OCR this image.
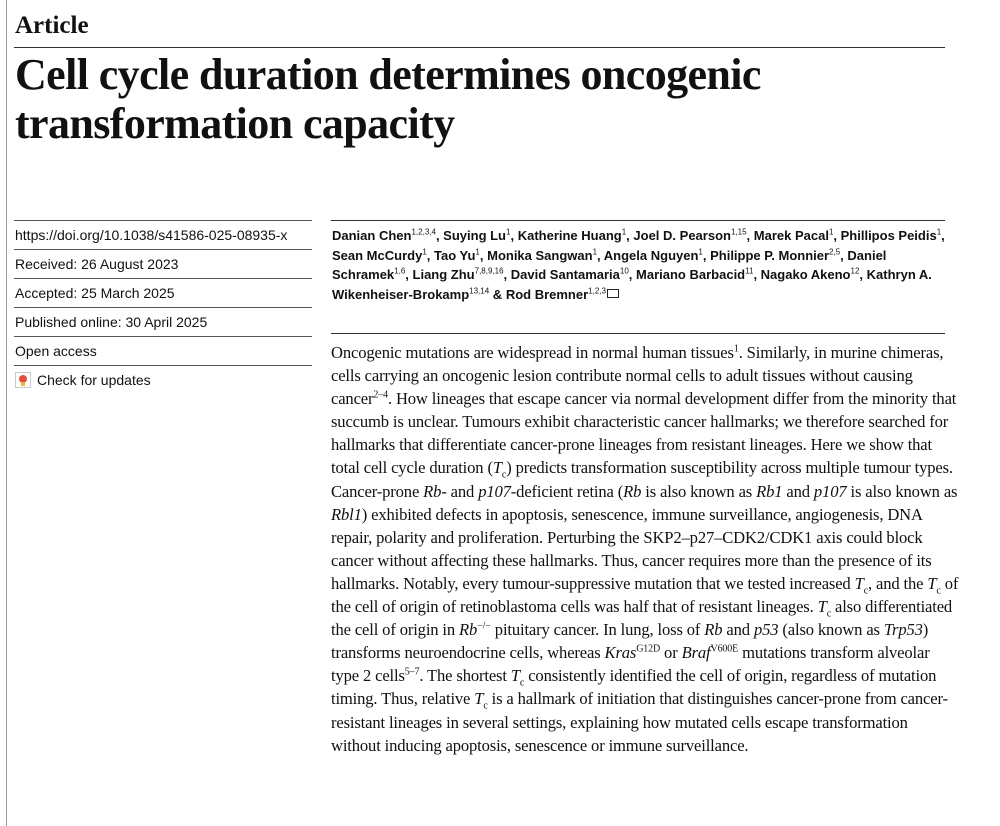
Article
Cell cycle duration determines oncogenic transformation capacity
https://doi.org/10.1038/s41586-025-08935-x
Received: 26 August 2023
Accepted: 25 March 2025
Published online: 30 April 2025
Open access
Check for updates

Danian Chen$^{1,2,3,4}$, Suying Lu$^1$, Katherine Huang$^1$, Joel D. Pearson$^{1,15}$, Marek Pacal$^1$, Phillipos Peidis$^1$, Sean McCurdy$^1$, Tao Yu$^1$, Monika Sangwan$^1$, Angela Nguyen$^1$, Philippe P. Monnier$^{2,5}$, Daniel Schramek$^{1,6}$, Liang Zhu$^{7,8,9,16}$, David Santamaria$^{10}$, Mariano Barbacid$^{11}$, Nagako Akeno$^{12}$, Kathryn A. Wikenheiser-Brokamp$^{13,14}$ & Rod Bremner$^{1,2,3}$

Oncogenic mutations are widespread in normal human tissues$^1$. Similarly, in murine chimeras, cells carrying an oncogenic lesion contribute normal cells to adult tissues without causing cancer$^{2-4}$. How lineages that escape cancer via normal development differ from the minority that succumb is unclear. Tumours exhibit characteristic cancer hallmarks; we therefore searched for hallmarks that differentiate cancer-prone lineages from resistant lineages. Here we show that total cell cycle duration $(T_c)$ predicts transformation susceptibility across multiple tumour types. Cancer-prone Rb- and p107-deficient retina (Rb is also known as Rb1 and p107 is also known as Rbl1) exhibited defects in apoptosis, senescence, immune surveillance, angiogenesis, DNA repair, polarity and proliferation. Perturbing the SKP2–p27–CDK2/CDK1 axis could block cancer without affecting these hallmarks. Thus, cancer requires more than the presence of its hallmarks. Notably, every tumour-suppressive mutation that we tested increased $T_c$, and the $T_c$ of the cell of origin of retinoblastoma cells was half that of resistant lineages. $T_c$ also differentiated the cell of origin in Rb−/− pituitary cancer. In lung, loss of Rb and p53 (also known as Trp53) transforms neuroendocrine cells, whereas Kras$^{G12D}$ or Braf$^{V600E}$ mutations transform alveolar type 2 cells$^{5-7}$. The shortest $T_c$ consistently identified the cell of origin, regardless of mutation timing. Thus, relative $T_c$ is a hallmark of initiation that distinguishes cancer-prone from cancer-resistant lineages in several settings, explaining how mutated cells escape transformation without inducing apoptosis, senescence or immune surveillance.
